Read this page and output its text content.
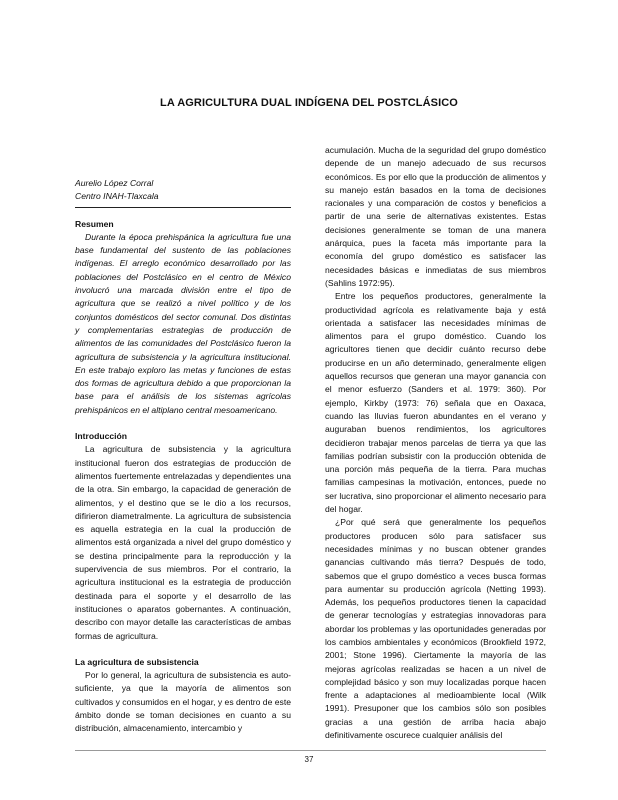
LA AGRICULTURA DUAL INDÍGENA DEL POSTCLÁSICO
Aurelio López Corral
Centro INAH-Tlaxcala
Resumen

Durante la época prehispánica la agricultura fue una base fundamental del sustento de las poblaciones indígenas. El arreglo económico desarrollado por las poblaciones del Postclásico en el centro de México involucró una marcada división entre el tipo de agricultura que se realizó a nivel político y de los conjuntos domésticos del sector comunal. Dos distintas y complementarias estrategias de producción de alimentos de las comunidades del Postclásico fueron la agricultura de subsistencia y la agricultura institucional. En este trabajo exploro las metas y funciones de estas dos formas de agricultura debido a que proporcionan la base para el análisis de los sistemas agrícolas prehispánicos en el altiplano central mesoamericano.

Introducción

La agricultura de subsistencia y la agricultura institucional fueron dos estrategias de producción de alimentos fuertemente entrelazadas y dependientes una de la otra. Sin embargo, la capacidad de generación de alimentos, y el destino que se le dio a los recursos, difirieron diametralmente. La agricultura de subsistencia es aquella estrategia en la cual la producción de alimentos está organizada a nivel del grupo doméstico y se destina principalmente para la reproducción y la supervivencia de sus miembros. Por el contrario, la agricultura institucional es la estrategia de producción destinada para el soporte y el desarrollo de las instituciones o aparatos gobernantes. A continuación, describo con mayor detalle las características de ambas formas de agricultura.

La agricultura de subsistencia

Por lo general, la agricultura de subsistencia es auto-suficiente, ya que la mayoría de alimentos son cultivados y consumidos en el hogar, y es dentro de este ámbito donde se toman decisiones en cuanto a su distribución, almacenamiento, intercambio y

acumulación. Mucha de la seguridad del grupo doméstico depende de un manejo adecuado de sus recursos económicos. Es por ello que la producción de alimentos y su manejo están basados en la toma de decisiones racionales y una comparación de costos y beneficios a partir de una serie de alternativas existentes. Estas decisiones generalmente se toman de una manera anárquica, pues la faceta más importante para la economía del grupo doméstico es satisfacer las necesidades básicas e inmediatas de sus miembros (Sahlins 1972:95).

Entre los pequeños productores, generalmente la productividad agrícola es relativamente baja y está orientada a satisfacer las necesidades mínimas de alimentos para el grupo doméstico. Cuando los agricultores tienen que decidir cuánto recurso debe producirse en un año determinado, generalmente eligen aquellos recursos que generan una mayor ganancia con el menor esfuerzo (Sanders et al. 1979: 360). Por ejemplo, Kirkby (1973: 76) señala que en Oaxaca, cuando las lluvias fueron abundantes en el verano y auguraban buenos rendimientos, los agricultores decidieron trabajar menos parcelas de tierra ya que las familias podrían subsistir con la producción obtenida de una porción más pequeña de la tierra. Para muchas familias campesinas la motivación, entonces, puede no ser lucrativa, sino proporcionar el alimento necesario para del hogar.

¿Por qué será que generalmente los pequeños productores producen sólo para satisfacer sus necesidades mínimas y no buscan obtener grandes ganancias cultivando más tierra? Después de todo, sabemos que el grupo doméstico a veces busca formas para aumentar su producción agrícola (Netting 1993). Además, los pequeños productores tienen la capacidad de generar tecnologías y estrategias innovadoras para abordar los problemas y las oportunidades generadas por los cambios ambientales y económicos (Brookfield 1972, 2001; Stone 1996). Ciertamente la mayoría de las mejoras agrícolas realizadas se hacen a un nivel de complejidad básico y son muy localizadas porque hacen frente a adaptaciones al medioambiente local (Wilk 1991). Presuponer que los cambios sólo son posibles gracias a una gestión de arriba hacia abajo definitivamente oscurece cualquier análisis del

37
